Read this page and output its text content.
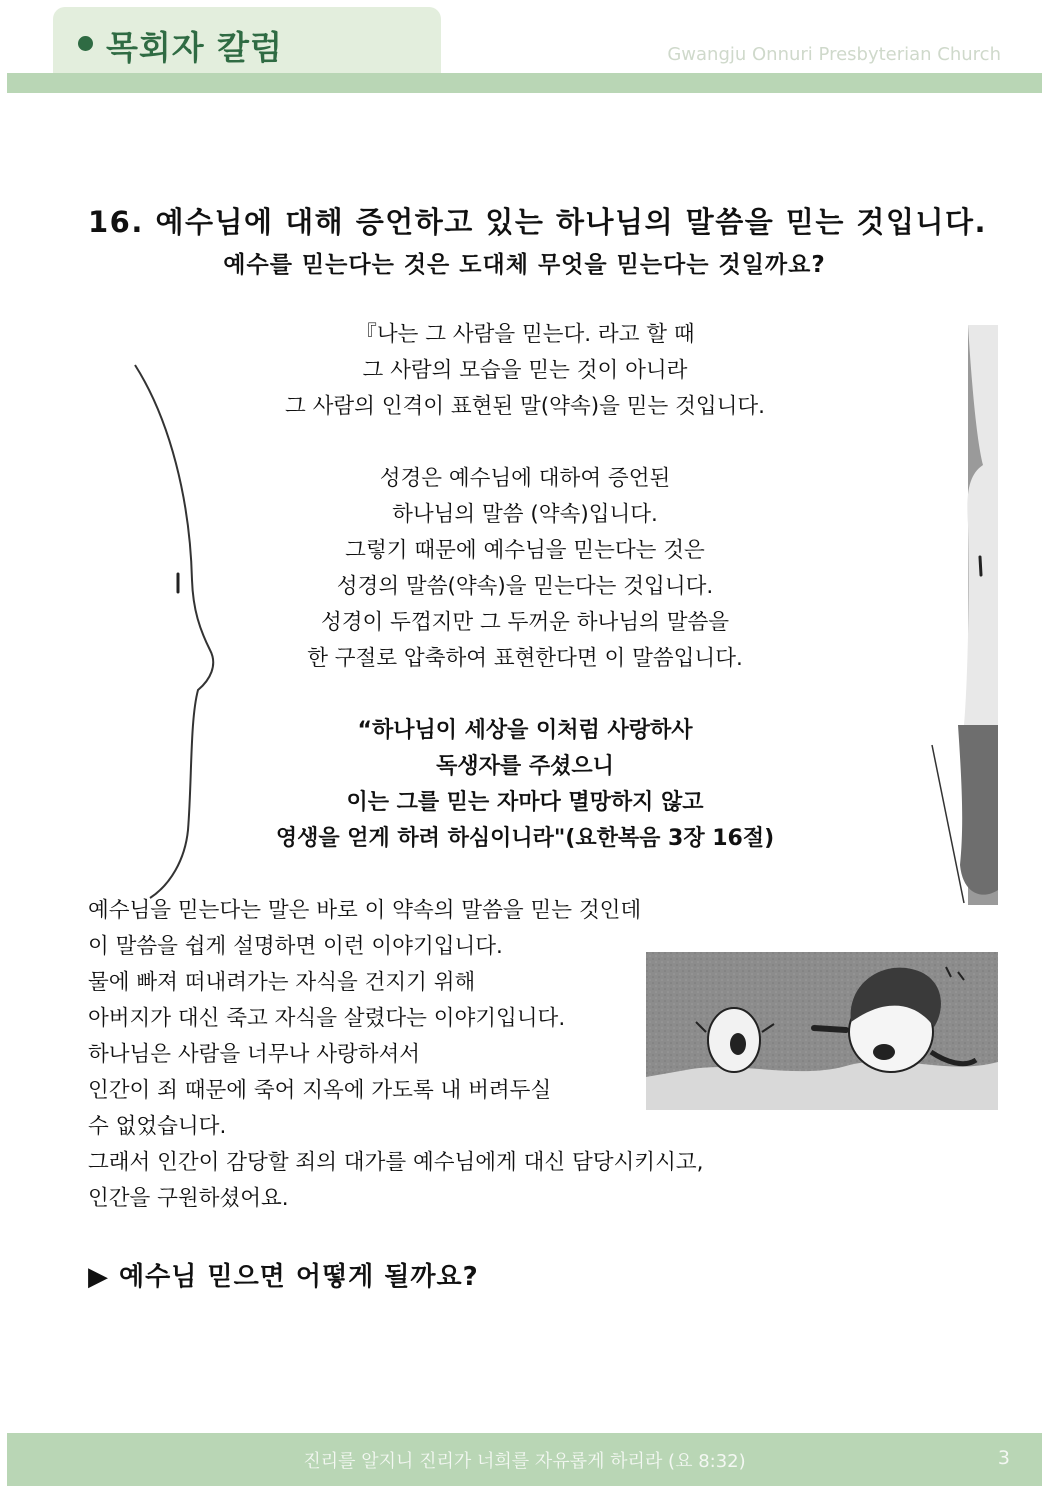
목회자 칼럼	Gwangju Onnuri Presbyterian Church
16. 예수님에 대해 증언하고 있는 하나님의 말씀을 믿는 것입니다.
예수를 믿는다는 것은 도대체 무엇을 믿는다는 것일까요?
『나는 그 사람을 믿는다. 라고 할 때
그 사람의 모습을 믿는 것이 아니라
그 사람의 인격이 표현된 말(약속)을 믿는 것입니다.
성경은 예수님에 대하여 증언된
하나님의 말씀 (약속)입니다.
그렇기 때문에 예수님을 믿는다는 것은
성경의 말씀(약속)을 믿는다는 것입니다.
성경이 두껍지만 그 두꺼운 하나님의 말씀을
한 구절로 압축하여 표현한다면 이 말씀입니다.
“하나님이 세상을 이처럼 사랑하사
독생자를 주셨으니
이는 그를 믿는 자마다 멸망하지 않고
영생을 얻게 하려 하심이니라"(요한복음 3장 16절)
예수님을 믿는다는 말은 바로 이 약속의 말씀을 믿는 것인데
이 말씀을 쉽게 설명하면 이런 이야기입니다.
물에 빠져 떠내려가는 자식을 건지기 위해
아버지가 대신 죽고 자식을 살렸다는 이야기입니다.
하나님은 사람을 너무나 사랑하셔서
인간이 죄 때문에 죽어 지옥에 가도록 내 버려두실
수 없었습니다.
그래서 인간이 감당할 죄의 대가를 예수님에게 대신 담당시키시고,
인간을 구원하셨어요.
▶ 예수님 믿으면 어떻게 될까요?
진리를 알지니 진리가 너희를 자유롭게 하리라 (요 8:32)	3
